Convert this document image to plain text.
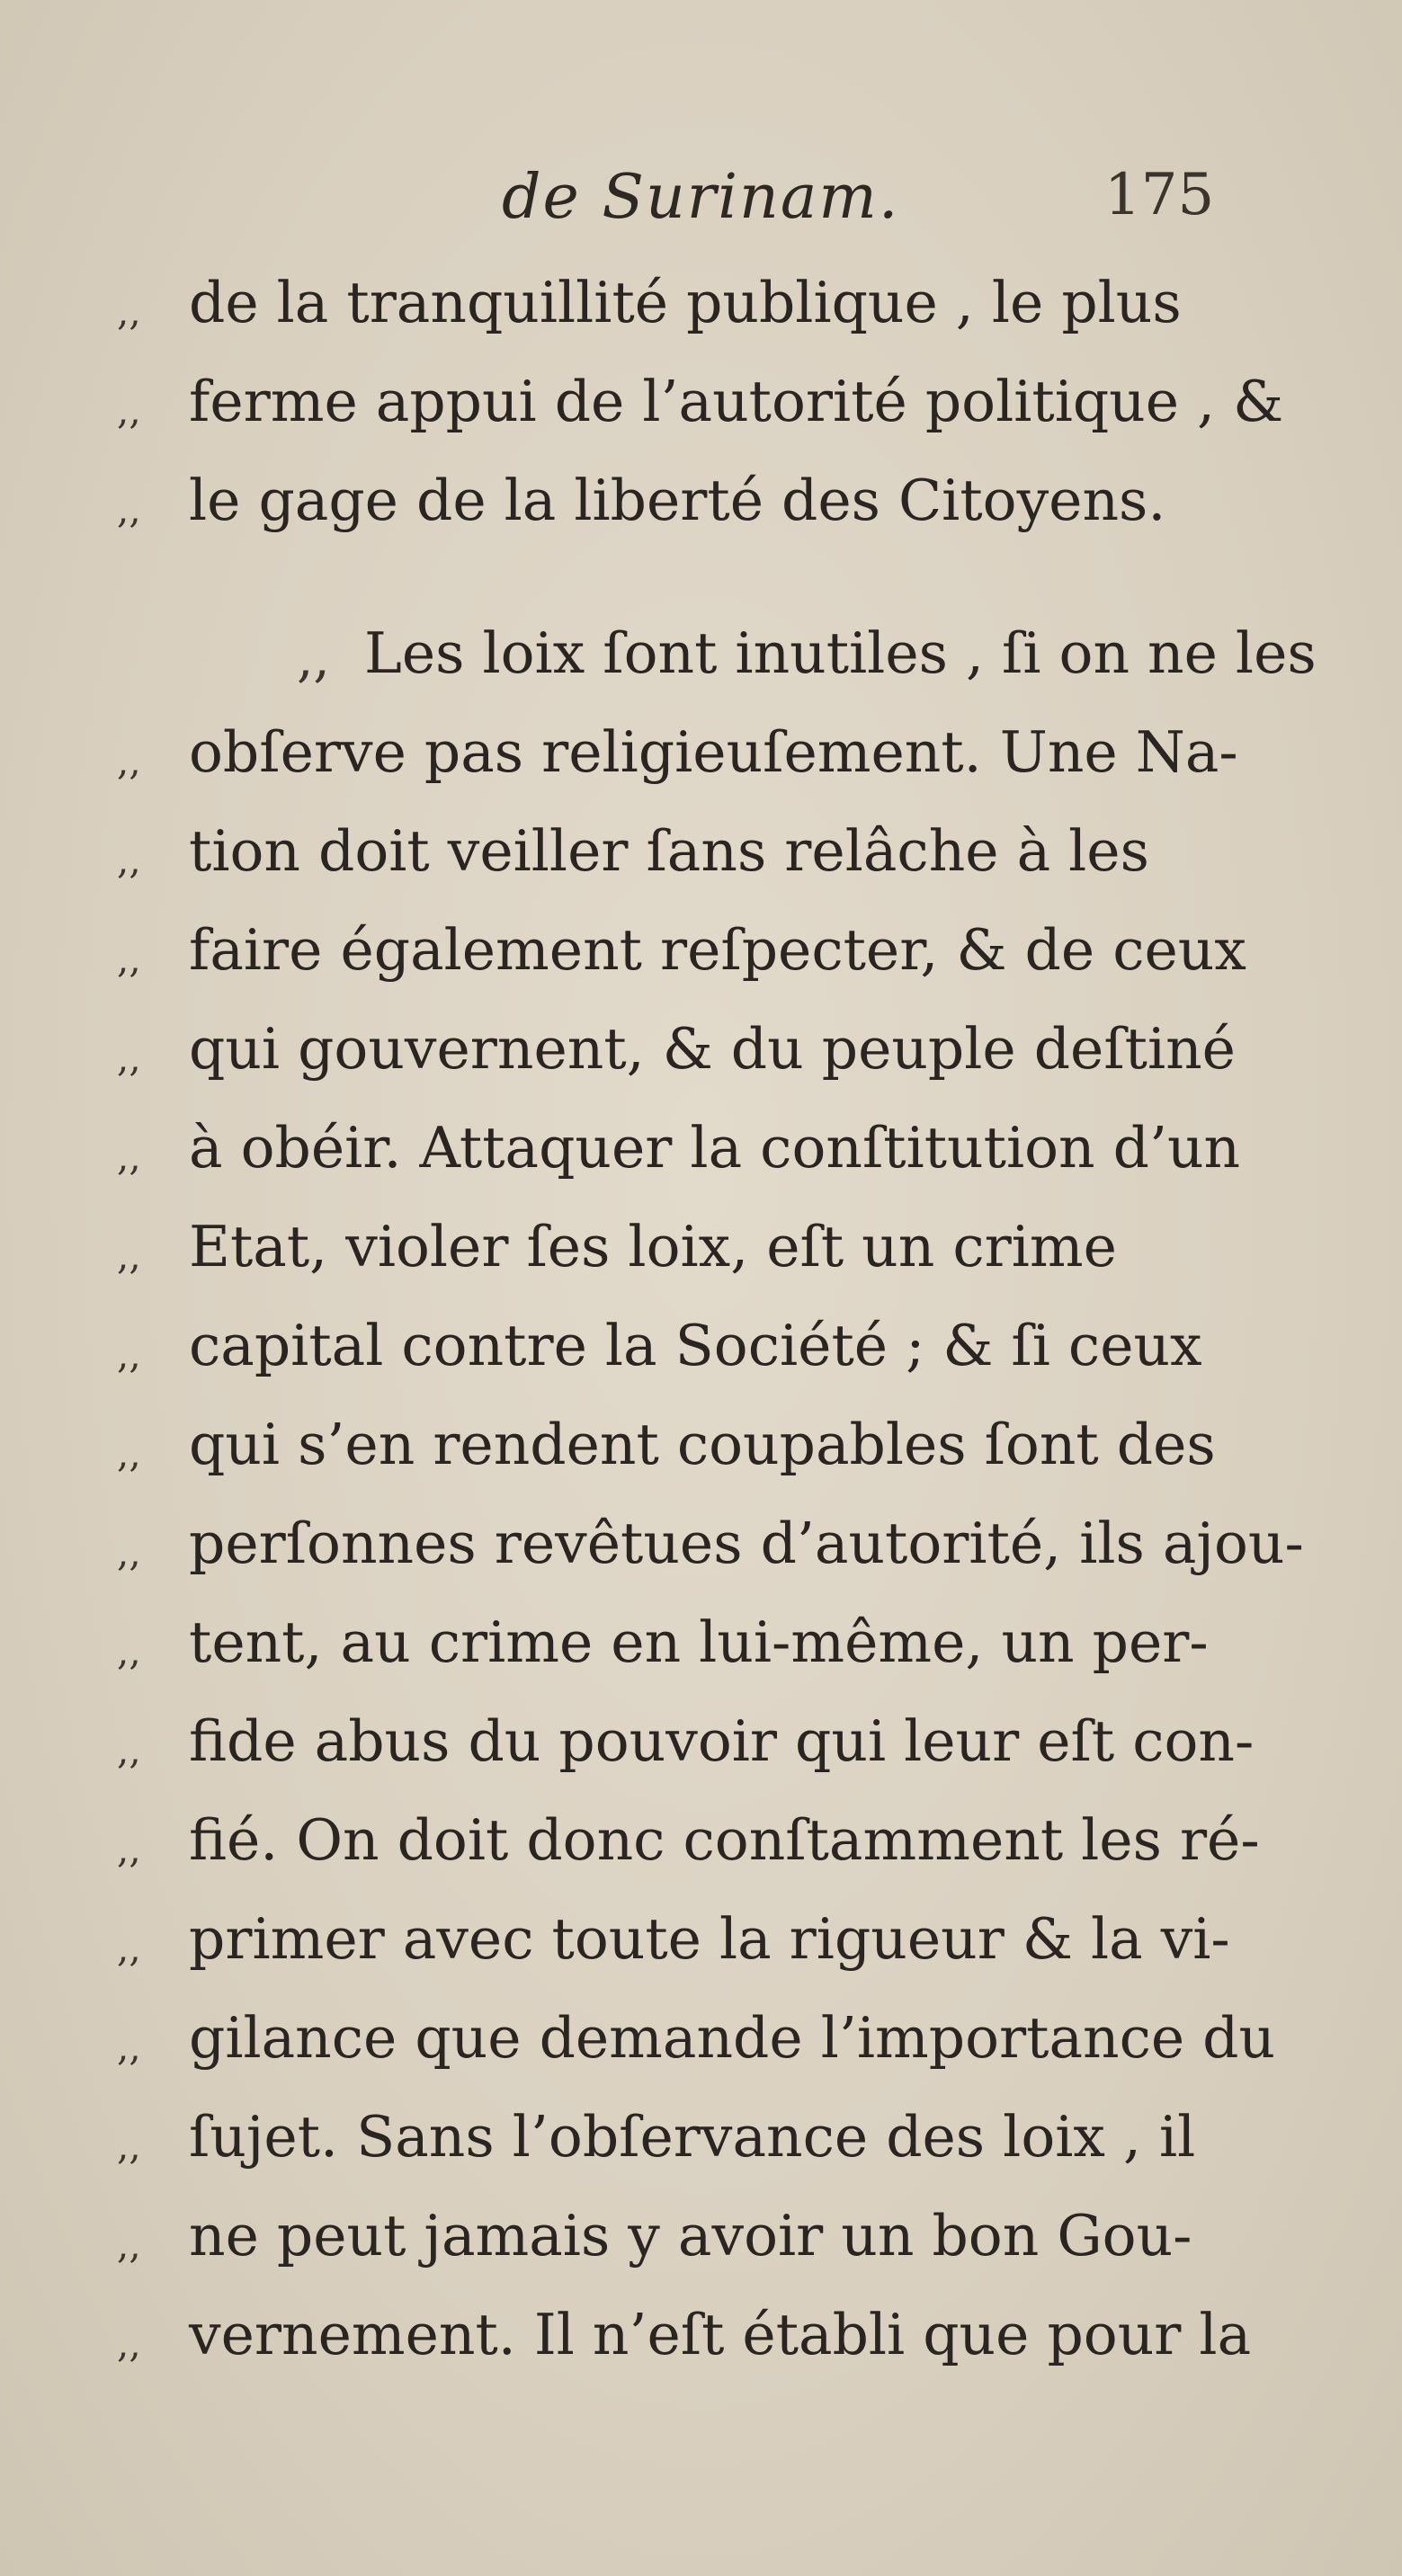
de Surinam.	175
,, de la tranquillité publique , le plus
,, ferme appui de l’autorité politique , &
,, le gage de la liberté des Citoyens.
,, Les loix ſont inutiles , ſi on ne les
,, obſerve pas religieuſement. Une Na-
,, tion doit veiller ſans relâche à les
,, faire également reſpecter, & de ceux
,, qui gouvernent, & du peuple deſtiné
,, à obéir. Attaquer la conſtitution d’un
,, Etat, violer ſes loix, eſt un crime
,, capital contre la Société ; & ſi ceux
,, qui s’en rendent coupables ſont des
,, perſonnes revêtues d’autorité, ils ajou-
,, tent, au crime en lui-même, un per-
,, fide abus du pouvoir qui leur eſt con-
,, fié. On doit donc conſtamment les ré-
,, primer avec toute la rigueur & la vi-
,, gilance que demande l’importance du
,, ſujet. Sans l’obſervance des loix , il
,, ne peut jamais y avoir un bon Gou-
,, vernement. Il n’eſt établi que pour la
